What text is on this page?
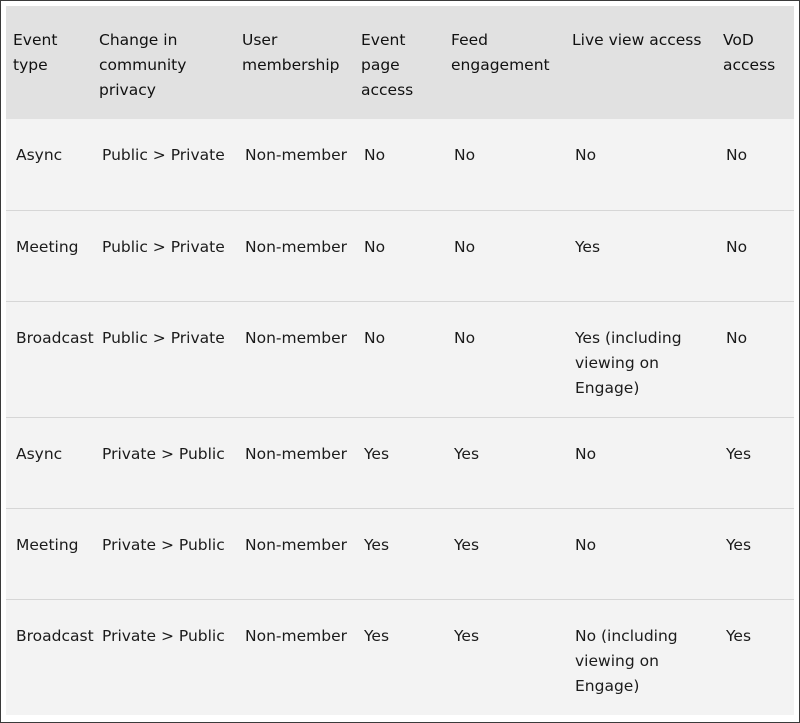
Event type	Change in community privacy	User membership	Event page access	Feed engagement	Live view access	VoD access
Async	Public > Private	Non-member	No	No	No	No
Meeting	Public > Private	Non-member	No	No	Yes	No
Broadcast	Public > Private	Non-member	No	No	Yes (including viewing on Engage)	No
Async	Private > Public	Non-member	Yes	Yes	No	Yes
Meeting	Private > Public	Non-member	Yes	Yes	No	Yes
Broadcast	Private > Public	Non-member	Yes	Yes	No (including viewing on Engage)	Yes
